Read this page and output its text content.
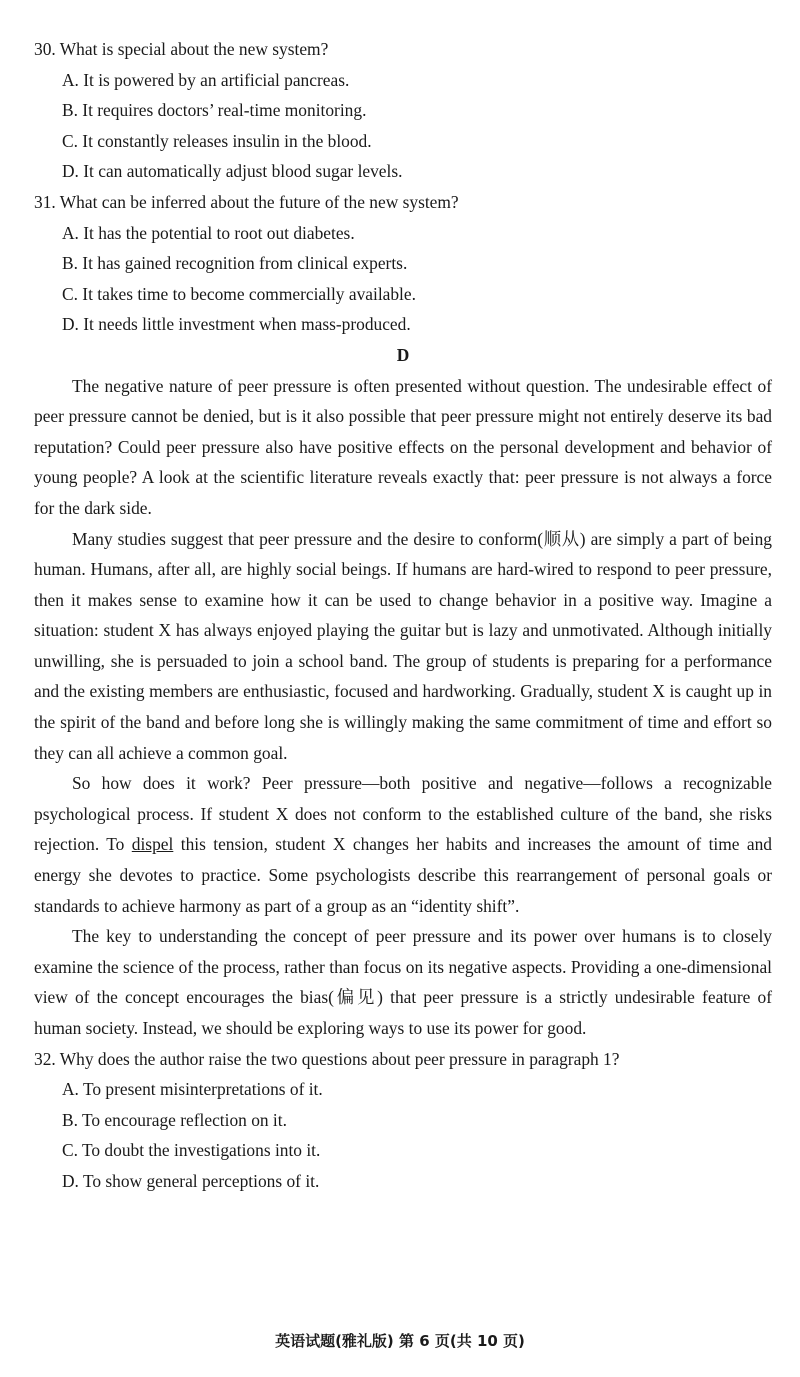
30. What is special about the new system?

A. It is powered by an artificial pancreas.

B. It requires doctors’ real-time monitoring.

C. It constantly releases insulin in the blood.

D. It can automatically adjust blood sugar levels.

31. What can be inferred about the future of the new system?

A. It has the potential to root out diabetes.

B. It has gained recognition from clinical experts.

C. It takes time to become commercially available.

D. It needs little investment when mass-produced.

D

The negative nature of peer pressure is often presented without question. The undesirable effect of peer pressure cannot be denied, but is it also possible that peer pressure might not entirely deserve its bad reputation? Could peer pressure also have positive effects on the personal development and behavior of young people? A look at the scientific literature reveals exactly that: peer pressure is not always a force for the dark side.

Many studies suggest that peer pressure and the desire to conform(顺从) are simply a part of being human. Humans, after all, are highly social beings. If humans are hard-wired to respond to peer pressure, then it makes sense to examine how it can be used to change behavior in a positive way. Imagine a situation: student X has always enjoyed playing the guitar but is lazy and unmotivated. Although initially unwilling, she is persuaded to join a school band. The group of students is preparing for a performance and the existing members are enthusiastic, focused and hardworking. Gradually, student X is caught up in the spirit of the band and before long she is willingly making the same commitment of time and effort so they can all achieve a common goal.

So how does it work? Peer pressure—both positive and negative—follows a recognizable psychological process. If student X does not conform to the established culture of the band, she risks rejection. To dispel this tension, student X changes her habits and increases the amount of time and energy she devotes to practice. Some psychologists describe this rearrangement of personal goals or standards to achieve harmony as part of a group as an “identity shift”.

The key to understanding the concept of peer pressure and its power over humans is to closely examine the science of the process, rather than focus on its negative aspects. Providing a one-dimensional view of the concept encourages the bias(偏见) that peer pressure is a strictly undesirable feature of human society. Instead, we should be exploring ways to use its power for good.

32. Why does the author raise the two questions about peer pressure in paragraph 1?

A. To present misinterpretations of it.

B. To encourage reflection on it.

C. To doubt the investigations into it.

D. To show general perceptions of it.

英语试题(雅礼版) 第 6 页(共 10 页)
